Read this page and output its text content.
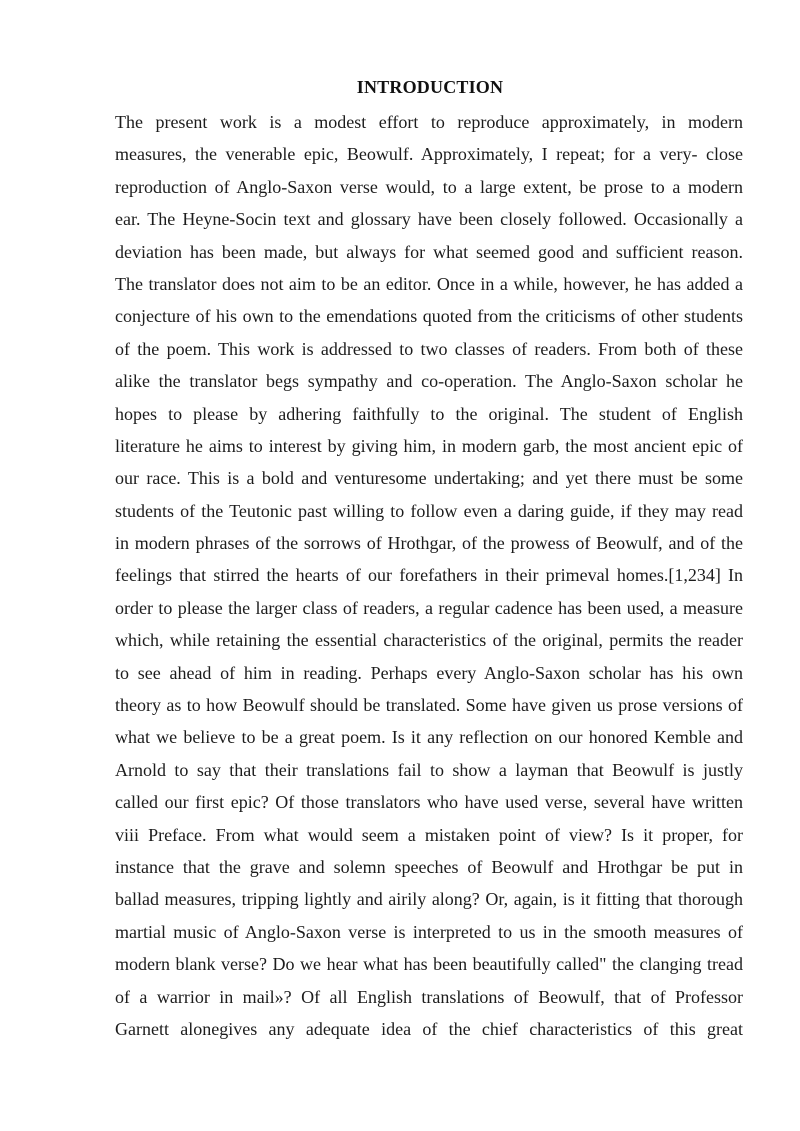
INTRODUCTION
The present work is a modest effort to reproduce approximately, in modern
measures, the venerable epic, Beowulf. Approximately, I repeat; for a very- close
reproduction of Anglo-Saxon verse would, to a large extent, be prose to a modern
ear. The Heyne-Socin text and glossary have been closely followed. Occasionally a
deviation has been made, but always for what seemed good and sufficient reason.
The translator does not aim to be an editor. Once in a while, however, he has added a
conjecture of his own to the emendations quoted from the criticisms of other students
of the poem. This work is addressed to two classes of readers. From both of these
alike the translator begs sympathy and co-operation. The Anglo-Saxon scholar he
hopes to please by adhering faithfully to the original. The student of English
literature he aims to interest by giving him, in modern garb, the most ancient epic of
our race. This is a bold and venturesome undertaking; and yet there must be some
students of the Teutonic past willing to follow even a daring guide, if they may read
in modern phrases of the sorrows of Hrothgar, of the prowess of Beowulf, and of the
feelings that stirred the hearts of our forefathers in their primeval homes.[1,234] In
order to please the larger class of readers, a regular cadence has been used, a measure
which, while retaining the essential characteristics of the original, permits the reader
to see ahead of him in reading. Perhaps every Anglo-Saxon scholar has his own
theory as to how Beowulf should be translated. Some have given us prose versions of
what we believe to be a great poem. Is it any reflection on our honored Kemble and
Arnold to say that their translations fail to show a layman that Beowulf is justly
called our first epic? Of those translators who have used verse, several have written
viii Preface. From what would seem a mistaken point of view? Is it proper, for
instance that the grave and solemn speeches of Beowulf and Hrothgar be put in
ballad measures, tripping lightly and airily along? Or, again, is it fitting that thorough
martial music of Anglo-Saxon verse is interpreted to us in the smooth measures of
modern blank verse? Do we hear what has been beautifully called" the clanging tread
of a warrior in mail»? Of all English translations of Beowulf, that of Professor
Garnett alonegives any adequate idea of the chief characteristics of this great
